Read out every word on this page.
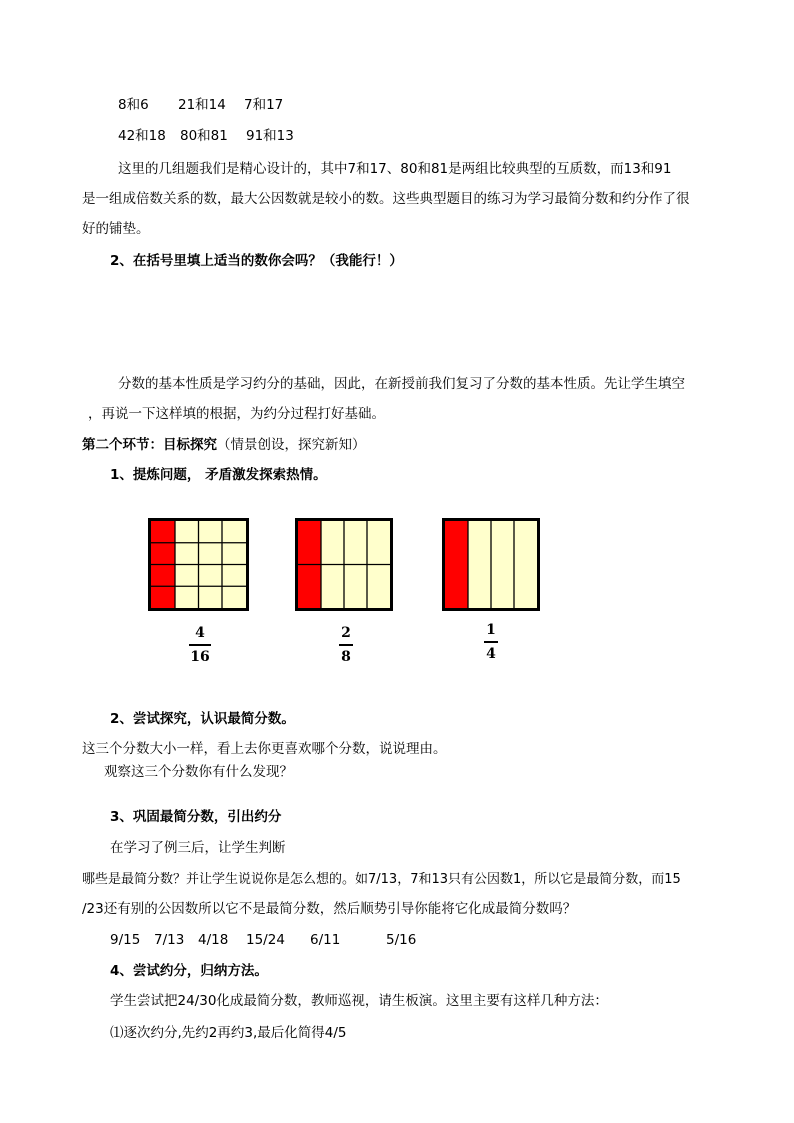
8和6 21和14 7和17
42和18 80和81 91和13
这里的几组题我们是精心设计的，其中7和17、80和81是两组比较典型的互质数，而13和91
是一组成倍数关系的数，最大公因数就是较小的数。这些典型题目的练习为学习最简分数和约分作了很
好的铺垫。
2、在括号里填上适当的数你会吗？（我能行！）
分数的基本性质是学习约分的基础，因此，在新授前我们复习了分数的基本性质。先让学生填空
，再说一下这样填的根据，为约分过程打好基础。
第二个环节：目标探究（情景创设，探究新知）
1、提炼问题， 矛盾激发探索热情。
4
16
2
8
1
4
2、尝试探究，认识最简分数。
这三个分数大小一样，看上去你更喜欢哪个分数，说说理由。
观察这三个分数你有什么发现？
3、巩固最简分数，引出约分
在学习了例三后，让学生判断
哪些是最简分数？并让学生说说你是怎么想的。如7/13，7和13只有公因数1，所以它是最简分数，而15
/23还有别的公因数所以它不是最简分数，然后顺势引导你能将它化成最简分数吗？
9/15 7/13 4/18 15/24 6/11	5/16
4、尝试约分，归纳方法。
学生尝试把24/30化成最简分数，教师巡视，请生板演。这里主要有这样几种方法：
⑴逐次约分,先约2再约3,最后化简得4/5
